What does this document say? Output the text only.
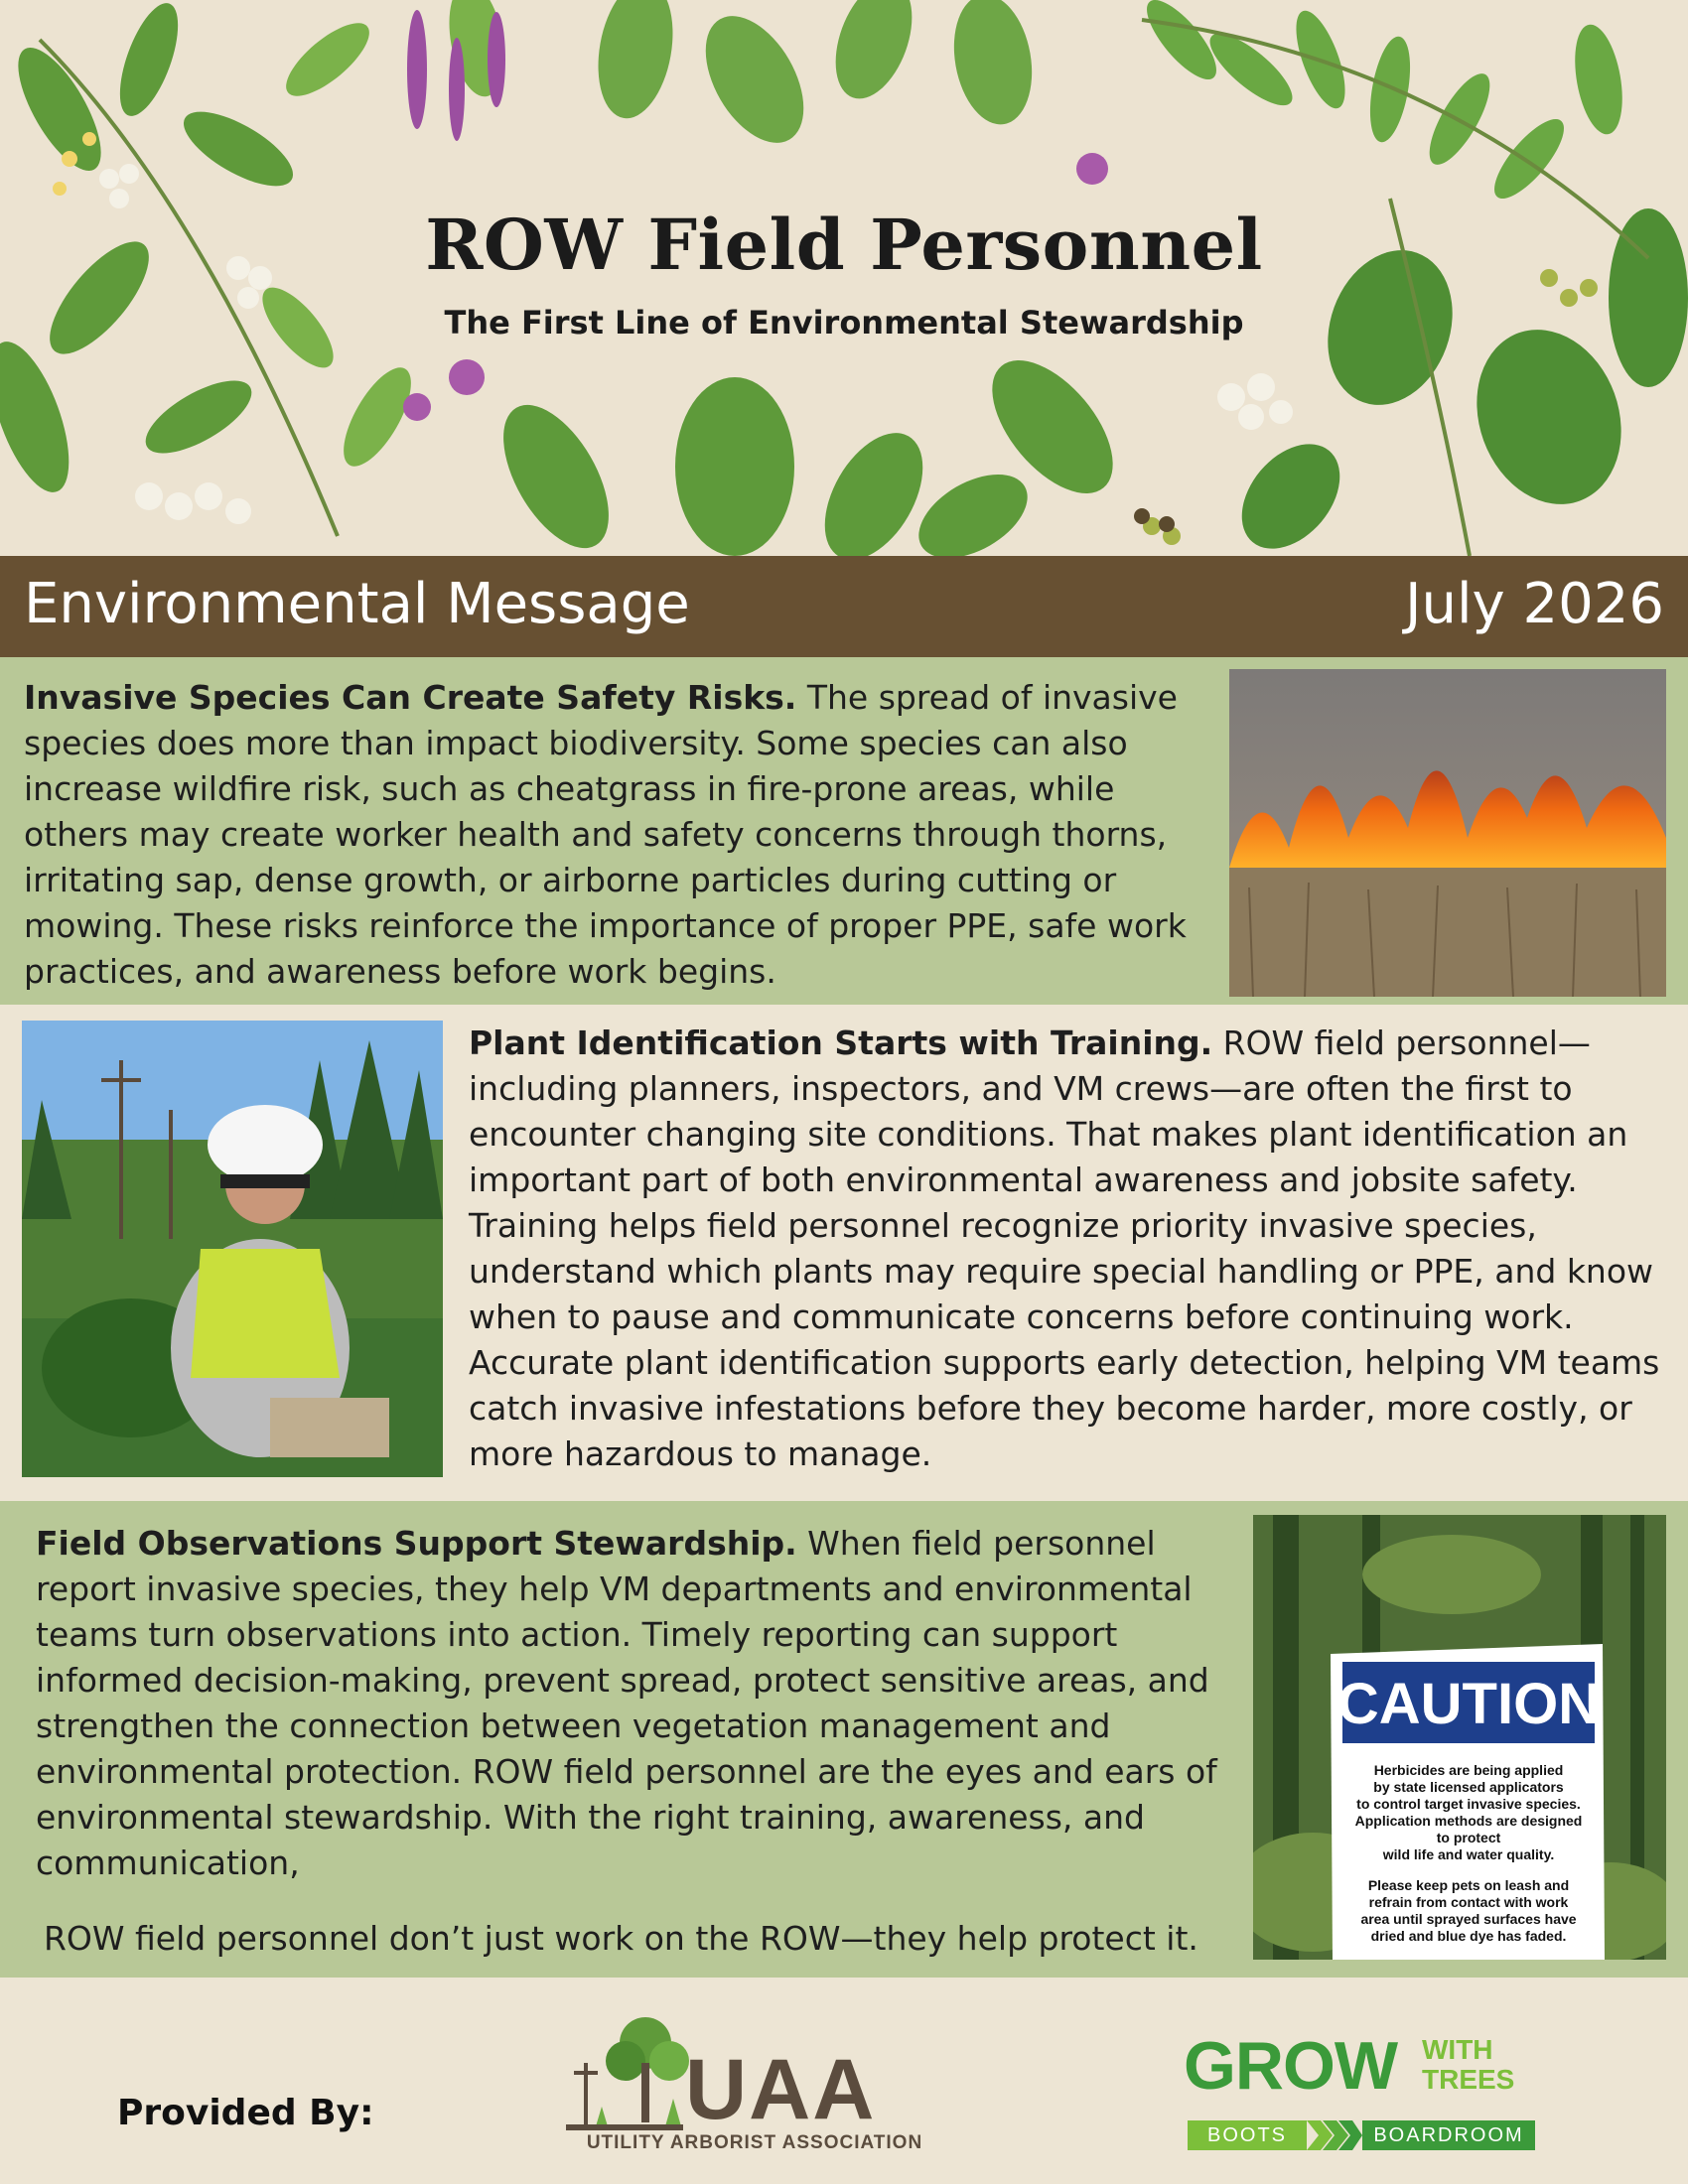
ROW Field Personnel
The First Line of Environmental Stewardship
Environmental Message	July 2026

Invasive Species Can Create Safety Risks. The spread of invasive species does more than impact biodiversity. Some species can also increase wildfire risk, such as cheatgrass in fire-prone areas, while others may create worker health and safety concerns through thorns, irritating sap, dense growth, or airborne particles during cutting or mowing. These risks reinforce the importance of proper PPE, safe work practices, and awareness before work begins.

Plant Identification Starts with Training. ROW field personnel—including planners, inspectors, and VM crews—are often the first to encounter changing site conditions. That makes plant identification an important part of both environmental awareness and jobsite safety. Training helps field personnel recognize priority invasive species, understand which plants may require special handling or PPE, and know when to pause and communicate concerns before continuing work. Accurate plant identification supports early detection, helping VM teams catch invasive infestations before they become harder, more costly, or more hazardous to manage.

Field Observations Support Stewardship. When field personnel report invasive species, they help VM departments and environmental teams turn observations into action. Timely reporting can support informed decision-making, prevent spread, protect sensitive areas, and strengthen the connection between vegetation management and environmental protection. ROW field personnel are the eyes and ears of environmental stewardship. With the right training, awareness, and communication,

ROW field personnel don’t just work on the ROW—they help protect it.

CAUTION
Herbicides are being applied
by state licensed applicators
to control target invasive species.
Application methods are designed
to protect
wild life and water quality.
Please keep pets on leash and
refrain from contact with work
area until sprayed surfaces have
dried and blue dye has faded.
Provided By:	UAA
UTILITY ARBORIST ASSOCIATION
GROW WITH
TREES
BOOTS	BOARDROOM
